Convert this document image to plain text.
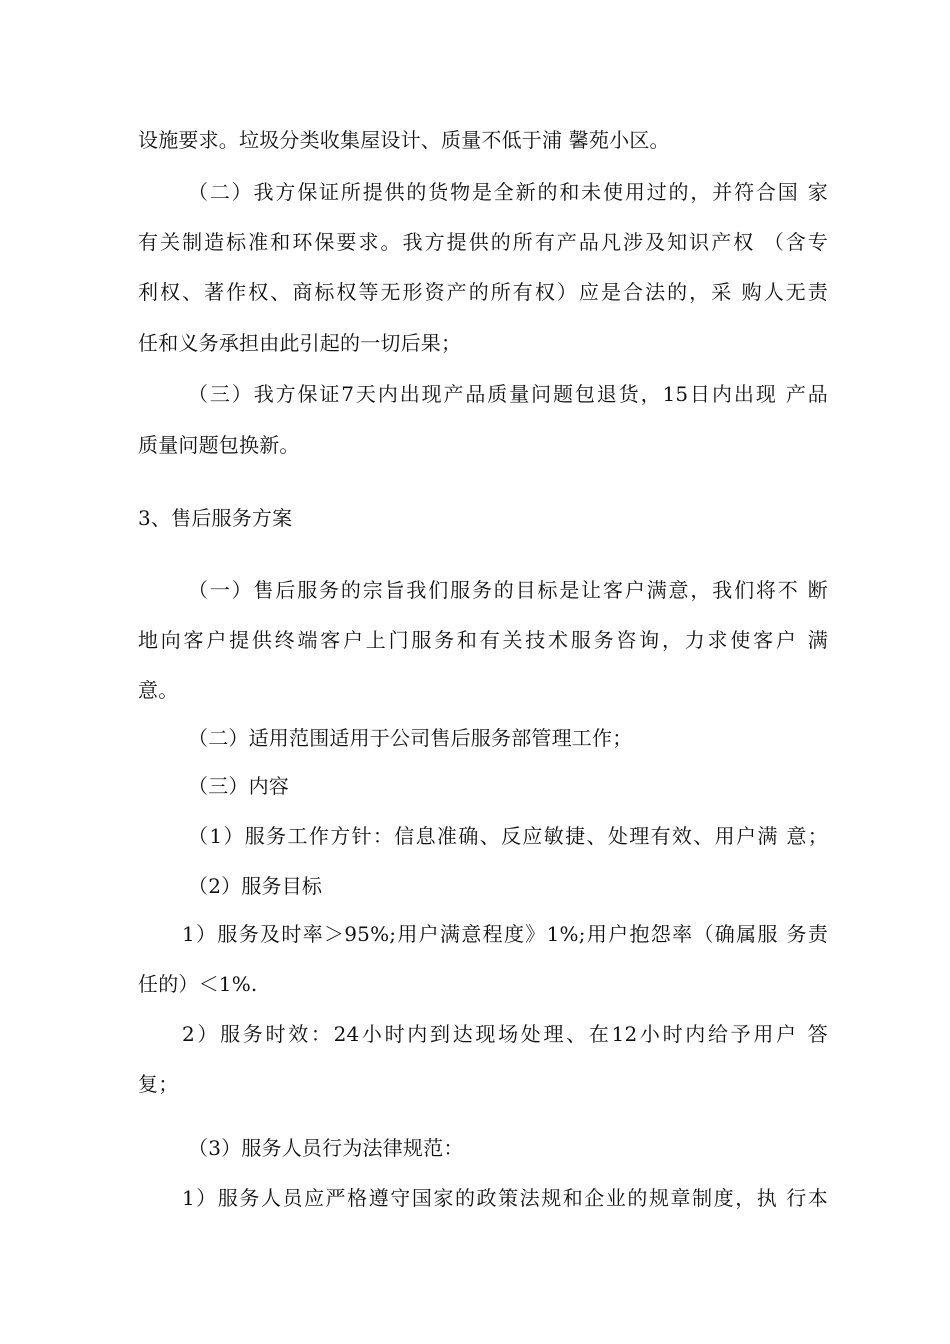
设施要求。垃圾分类收集屋设计、质量不低于浦 馨苑小区。
（二）我方保证所提供的货物是全新的和未使用过的，并符合国 家
有关制造标准和环保要求。我方提供的所有产品凡涉及知识产权 （含专
利权、著作权、商标权等无形资产的所有权）应是合法的，采 购人无责
任和义务承担由此引起的一切后果；
（三）我方保证7天内出现产品质量问题包退货，15日内出现 产品
质量问题包换新。
3、售后服务方案
（一）售后服务的宗旨我们服务的目标是让客户满意，我们将不 断
地向客户提供终端客户上门服务和有关技术服务咨询，力求使客户 满
意。
（二）适用范围适用于公司售后服务部管理工作；
（三）内容
（1）服务工作方针：信息准确、反应敏捷、处理有效、用户满 意；
（2）服务目标
1）服务及时率＞95%;用户满意程度》1%;用户抱怨率（确属服 务责
任的）＜1%.
2）服务时效：24小时内到达现场处理、在12小时内给予用户 答
复；
（3）服务人员行为法律规范：
1）服务人员应严格遵守国家的政策法规和企业的规章制度，执 行本
